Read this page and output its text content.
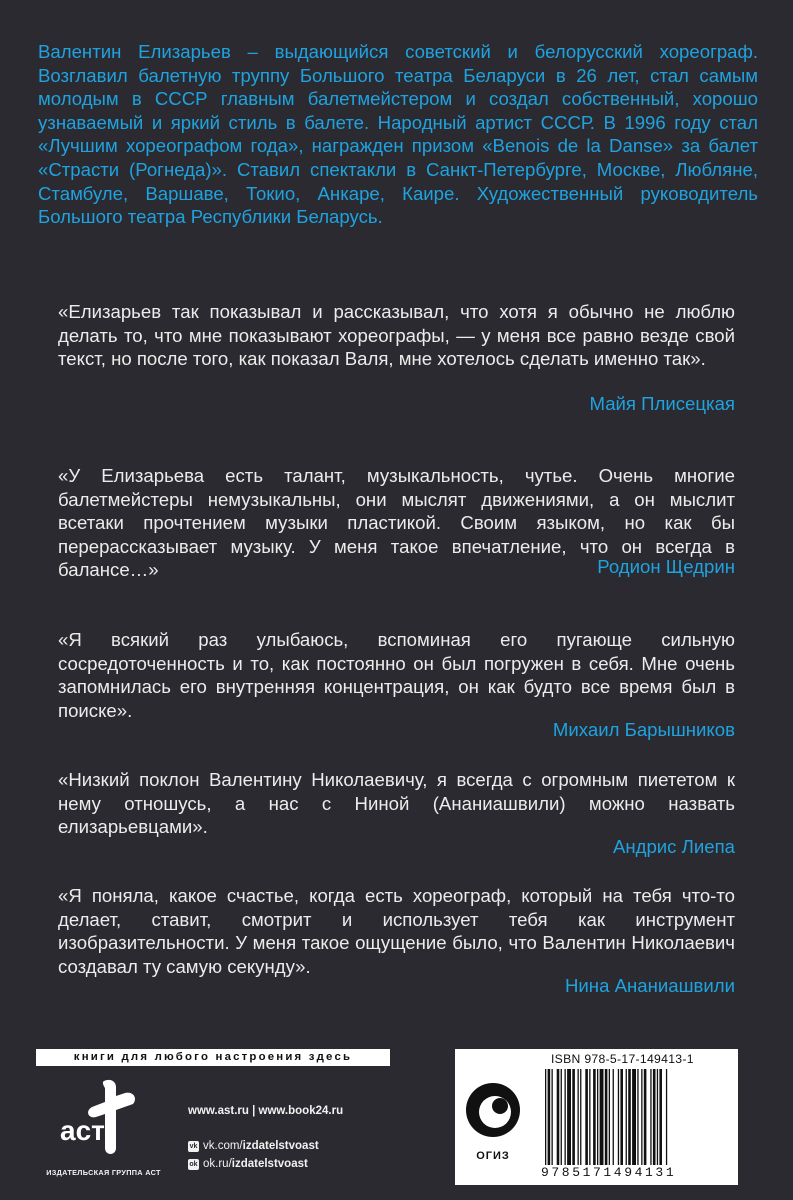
Валентин Елизарьев – выдающийся советский и белорусский хореограф. Возглавил балетную труппу Большого театра Беларуси в 26 лет, стал самым молодым в СССР главным балетмейстером и создал собственный, хорошо узнаваемый и яркий стиль в балете. Народный артист СССР. В 1996 году стал «Лучшим хореографом года», награжден призом «Benois de la Danse» за балет «Страсти (Рогнеда)». Ставил спектакли в Санкт-Петербурге, Москве, Любляне, Стамбуле, Варшаве, Токио, Анкаре, Каире. Художественный руководитель Большого театра Республики Беларусь.
«Елизарьев так показывал и рассказывал, что хотя я обычно не люблю делать то, что мне показывают хореографы, — у меня все равно везде свой текст, но после того, как показал Валя, мне хотелось сделать именно так».
Майя Плисецкая
«У Елизарьева есть талант, музыкальность, чутье. Очень многие балетмейстеры немузыкальны, они мыслят движениями, а он мыслит всетаки прочтением музыки пластикой. Своим языком, но как бы перерассказывает музыку. У меня такое впечатление, что он всегда в балансе…»	Родион Щедрин
«Я всякий раз улыбаюсь, вспоминая его пугающе сильную сосредоточенность и то, как постоянно он был погружен в себя. Мне очень запомнилась его внутренняя концентрация, он как будто все время был в поиске».
Михаил Барышников
«Низкий поклон Валентину Николаевичу, я всегда с огромным пиететом к нему отношусь, а нас с Ниной (Ананиашвили) можно назвать елизарьевцами».
Андрис Лиепа
«Я поняла, какое счастье, когда есть хореограф, который на тебя что-то делает, ставит, смотрит и использует тебя как инструмент изобразительности. У меня такое ощущение было, что Валентин Николаевич создавал ту самую секунду».
Нина Ананиашвили
книги для любого настроения здесь
аст
ИЗДАТЕЛЬСКАЯ ГРУППА АСТ
www.ast.ru | www.book24.ru
vk vk.com/ izdatelstvoast
ok ok.ru/ izdatelstvoast
ISBN 978-5-17-149413-1
ОГИЗ
9785171494131
